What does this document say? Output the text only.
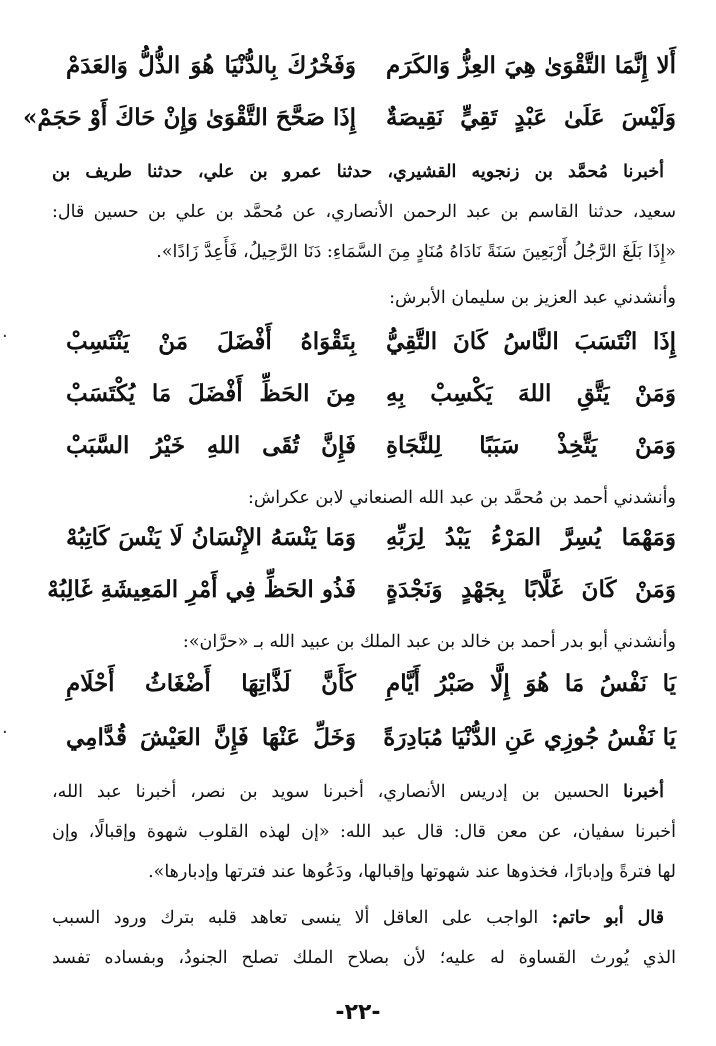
أَلا إِنَّمَا التَّقْوَىٰ هِيَ العِزُّ وَالكَرَم
وَفَخْرُكَ بِالدُّنْيَا هُوَ الذُّلُّ وَالعَدَمْ
وَلَيْسَ عَلَىٰ عَبْدٍ تَقِيٍّ نَقِيصَةٌ
إِذَا صَحَّحَ التَّقْوَىٰ وَإِنْ حَاكَ أَوْ حَجَمْ»
أخبرنا مُحمَّد بن زنجويه القشيري، حدثنا عمرو بن علي، حدثنا طريف بن
سعيد، حدثنا القاسم بن عبد الرحمن الأنصاري، عن مُحمَّد بن علي بن حسين قال:
«إِذَا بَلَغَ الرَّجُلُ أَرْبَعِينَ سَنَةً نَادَاهُ مُنَادٍ مِنَ السَّمَاءِ: دَنَا الرَّحِيلُ، فَأَعِدَّ زَادًا».
وأنشدني عبد العزيز بن سليمان الأبرش:
إِذَا انْتَسَبَ النَّاسُ كَانَ التَّقِيُّ
بِتَقْوَاهُ أَفْضَلَ مَنْ يَنْتَسِبْ
وَمَنْ يَتَّقِ اللهَ يَكْسِبْ بِهِ
مِنَ الحَظِّ أَفْضَلَ مَا يُكْتَسَبْ
وَمَنْ يَتَّخِذْ سَبَبًا لِلنَّجَاةِ
فَإِنَّ تُقَى اللهِ خَيْرُ السَّبَبْ
وأنشدني أحمد بن مُحمَّد بن عبد الله الصنعاني لابن عكراش:
وَمَهْمَا يُسِرَّ المَرْءُ يَبْدُ لِرَبِّهِ
وَمَا يَنْسَهُ الإِنْسَانُ لَا يَنْسَ كَاتِبُهْ
وَمَنْ كَانَ غَلَّابًا بِجَهْدٍ وَنَجْدَةٍ
فَذُو الحَظِّ فِي أَمْرِ المَعِيشَةِ غَالِبُهْ
وأنشدني أبو بدر أحمد بن خالد بن عبد الملك بن عبيد الله بـ «حرَّان»:
يَا نَفْسُ مَا هُوَ إِلَّا صَبْرُ أَيَّامِ
كَأَنَّ لَذَّاتِهَا أَضْغَاثُ أَحْلَامِ
يَا نَفْسُ جُوزِي عَنِ الدُّنْيَا مُبَادِرَةً
وَخَلِّ عَنْهَا فَإِنَّ العَيْشَ قُدَّامِي
أخبرنا الحسين بن إدريس الأنصاري، أخبرنا سويد بن نصر، أخبرنا عبد الله،
أخبرنا سفيان، عن معن قال: قال عبد الله: «إن لهذه القلوب شهوة وإقبالًا، وإن
لها فترةً وإدبارًا، فخذوها عند شهوتها وإقبالها، ودَعُوها عند فترتها وإدبارها».
قال أبو حاتم: الواجب على العاقل ألا ينسى تعاهد قلبه بترك ورود السبب
الذي يُورث القساوة له عليه؛ لأن بصلاح الملك تصلح الجنودُ، وبفساده تفسد
-٢٢-
·
·
